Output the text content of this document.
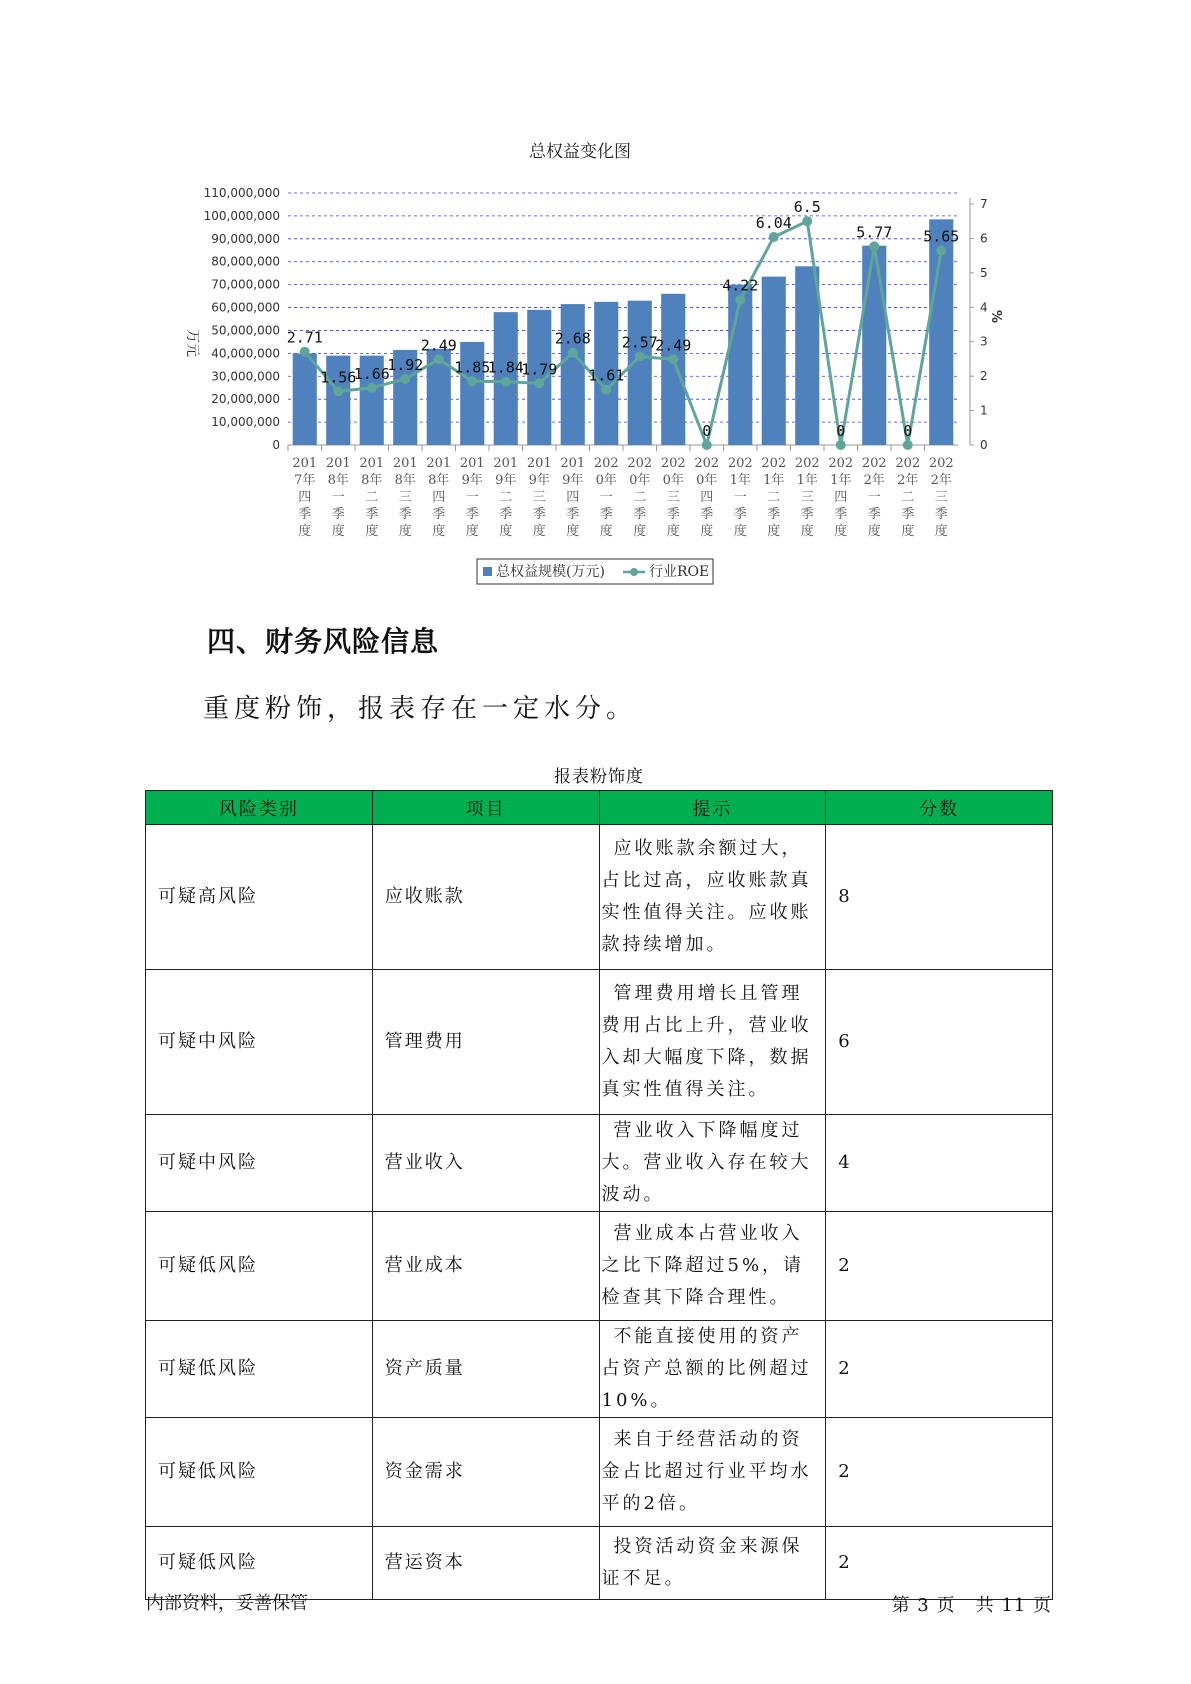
总权益变化图
110,000,000
100,000,000
90,000,000
80,000,000
70,000,000
60,000,000
50,000,000
40,000,000
30,000,000
20,000,000
10,000,000
0
万元
7
6
5
4
3
2
1
0
%
201
7年
四
季
度
201
8年
一
季
度
201
8年
二
季
度
201
8年
三
季
度
201
8年
四
季
度
201
9年
一
季
度
201
9年
二
季
度
201
9年
三
季
度
201
9年
四
季
度
202
0年
一
季
度
202
0年
二
季
度
202
0年
三
季
度
202
0年
四
季
度
202
1年
一
季
度
202
1年
二
季
度
202
1年
三
季
度
202
1年
四
季
度
202
2年
一
季
度
202
2年
二
季
度
202
2年
三
季
度
2.71
1.56
1.66
1.92
2.49
1.85
1.84
1.79
2.68
1.61
2.57
2.49
0
4.22
6.04
6.5
0
5.77
0
5.65
总权益规模(万元)	行业ROE
四、财务风险信息
重度粉饰，报表存在一定水分。
报表粉饰度
风险类别	项目	提示	分数
可疑高风险	应收账款	应收账款余额过大，占比过高，应收账款真实性值得关注。应收账款持续增加。	8
可疑中风险	管理费用	管理费用增长且管理费用占比上升，营业收入却大幅度下降，数据真实性值得关注。	6
可疑中风险	营业收入	营业收入下降幅度过大。营业收入存在较大波动。	4
可疑低风险	营业成本	营业成本占营业收入之比下降超过5%，请检查其下降合理性。	2
可疑低风险	资产质量	不能直接使用的资产占资产总额的比例超过10%。	2
可疑低风险	资金需求	来自于经营活动的资金占比超过行业平均水平的2倍。	2
可疑低风险	营运资本	投资活动资金来源保证不足。	2
内部资料，妥善保管	第 3 页   共 11 页
